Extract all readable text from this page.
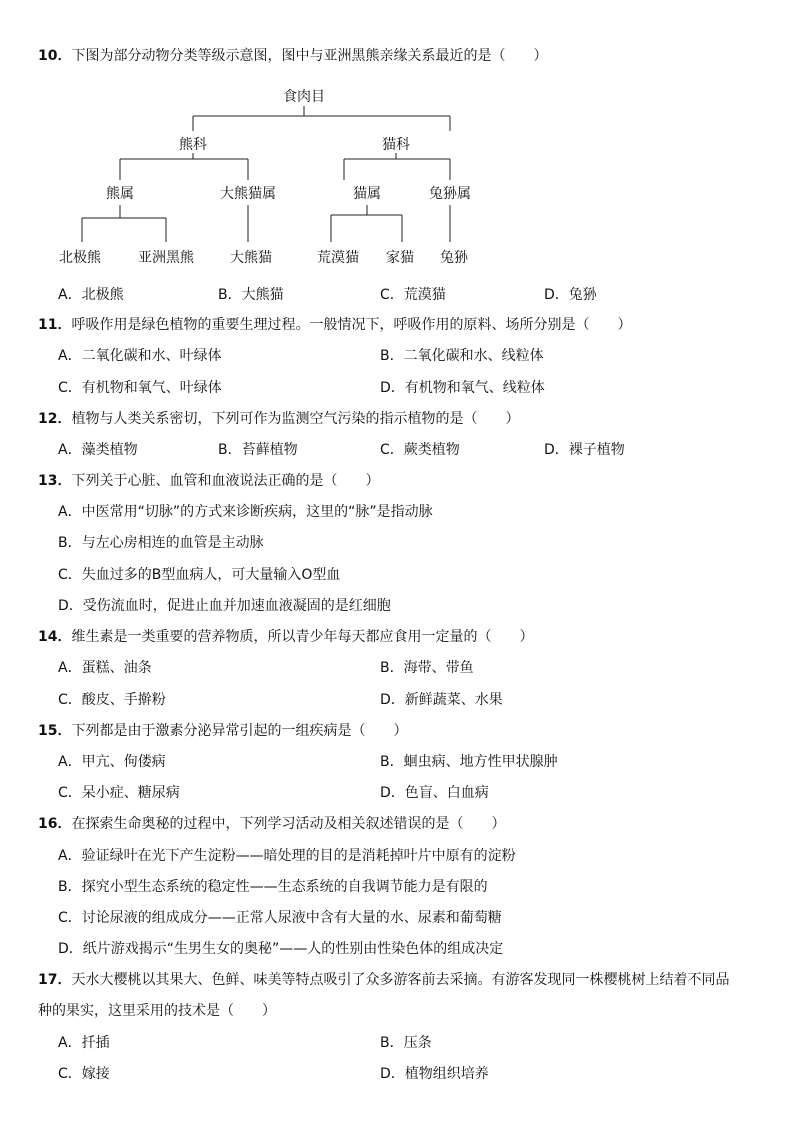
10．下图为部分动物分类等级示意图，图中与亚洲黑熊亲缘关系最近的是（　　）
食肉目
熊科	猫科
熊属	大熊猫属	猫属	兔狲属
北极熊	亚洲黑熊	大熊猫	荒漠猫 家猫 兔狲
A．北极熊	B．大熊猫	C．荒漠猫	D．兔狲
11．呼吸作用是绿色植物的重要生理过程。一般情况下，呼吸作用的原料、场所分别是（　　）
A．二氧化碳和水、叶绿体	B．二氧化碳和水、线粒体
C．有机物和氧气、叶绿体	D．有机物和氧气、线粒体
12．植物与人类关系密切，下列可作为监测空气污染的指示植物的是（　　）
A．藻类植物	B．苔藓植物	C．蕨类植物	D．裸子植物
13．下列关于心脏、血管和血液说法正确的是（　　）
A．中医常用“切脉”的方式来诊断疾病，这里的“脉”是指动脉
B．与左心房相连的血管是主动脉
C．失血过多的B型血病人，可大量输入O型血
D．受伤流血时，促进止血并加速血液凝固的是红细胞
14．维生素是一类重要的营养物质，所以青少年每天都应食用一定量的（　　）
A．蛋糕、油条	B．海带、带鱼
C．酸皮、手擀粉	D．新鲜蔬菜、水果
15．下列都是由于激素分泌异常引起的一组疾病是（　　）
A．甲亢、佝偻病	B．蛔虫病、地方性甲状腺肿
C．呆小症、糖尿病	D．色盲、白血病
16．在探索生命奥秘的过程中，下列学习活动及相关叙述错误的是（　　）
A．验证绿叶在光下产生淀粉——暗处理的目的是消耗掉叶片中原有的淀粉
B．探究小型生态系统的稳定性——生态系统的自我调节能力是有限的
C．讨论尿液的组成成分——正常人尿液中含有大量的水、尿素和葡萄糖
D．纸片游戏揭示“生男生女的奥秘”——人的性别由性染色体的组成决定
17．天水大樱桃以其果大、色鲜、味美等特点吸引了众多游客前去采摘。有游客发现同一株樱桃树上结着不同品
种的果实，这里采用的技术是（　　）
A．扦插	B．压条
C．嫁接	D．植物组织培养
